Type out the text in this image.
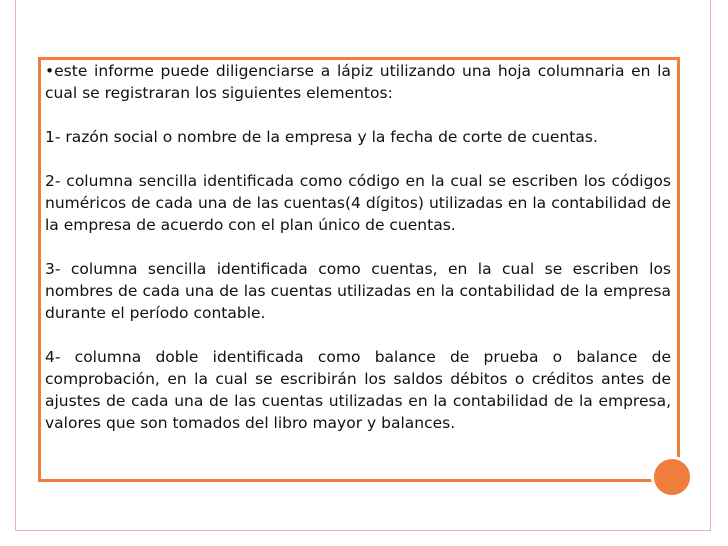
•este informe puede diligenciarse a lápiz utilizando una hoja columnaria en la cual se registraran los siguientes elementos:

1- razón social o nombre de la empresa y la fecha de corte de cuentas.

2- columna sencilla identificada como código en la cual se escriben los códigos numéricos de cada una de las cuentas(4 dígitos) utilizadas en la contabilidad de la empresa de acuerdo con el plan único de cuentas.

3- columna sencilla identificada como cuentas, en la cual se escriben los nombres de cada una de las cuentas utilizadas en la contabilidad de la empresa durante el período contable.

4- columna doble identificada como balance de prueba o balance de comprobación, en la cual se escribirán los saldos débitos o créditos antes de ajustes de cada una de las cuentas utilizadas en la contabilidad de la empresa, valores que son tomados del libro mayor y balances.
